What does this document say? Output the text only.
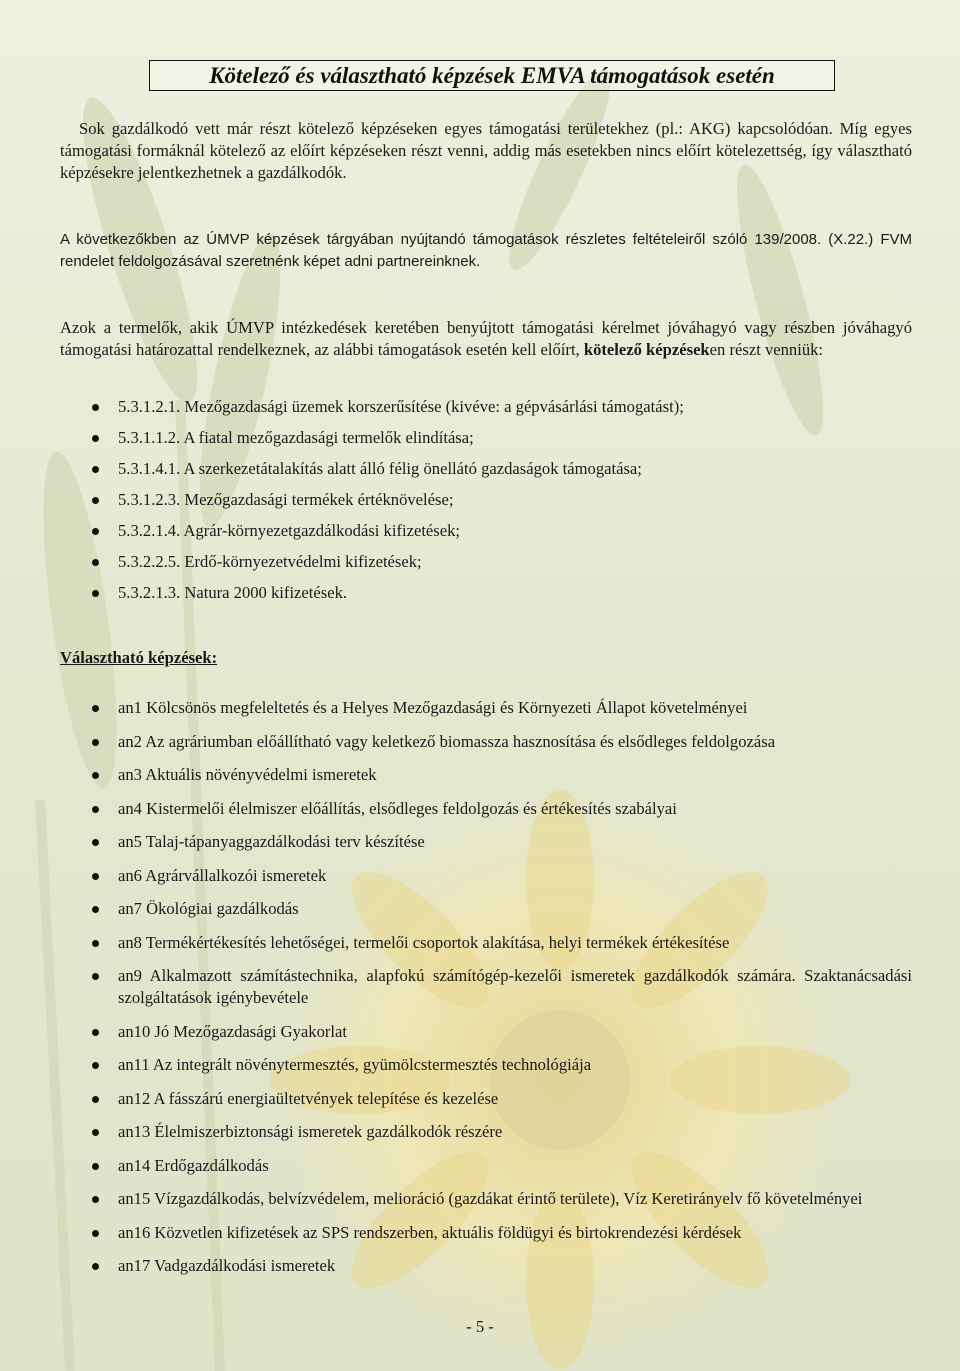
Kötelező és választható képzések EMVA támogatások esetén

Sok gazdálkodó vett már részt kötelező képzéseken egyes támogatási területekhez (pl.: AKG) kapcsolódóan. Míg egyes támogatási formáknál kötelező az előírt képzéseken részt venni, addig más esetekben nincs előírt kötelezettség, így választható képzésekre jelentkezhetnek a gazdálkodók.

A következőkben az ÚMVP képzések tárgyában nyújtandó támogatások részletes feltételeiről szóló 139/2008. (X.22.) FVM rendelet feldolgozásával szeretnénk képet adni partnereinknek.

Azok a termelők, akik ÚMVP intézkedések keretében benyújtott támogatási kérelmet jóváhagyó vagy részben jóváhagyó támogatási határozattal rendelkeznek, az alábbi támogatások esetén kell előírt, kötelező képzéseken részt venniük:

5.3.1.2.1. Mezőgazdasági üzemek korszerűsítése (kivéve: a gépvásárlási támogatást);
5.3.1.1.2. A fiatal mezőgazdasági termelők elindítása;
5.3.1.4.1. A szerkezetátalakítás alatt álló félig önellátó gazdaságok támogatása;
5.3.1.2.3. Mezőgazdasági termékek értéknövelése;
5.3.2.1.4. Agrár-környezetgazdálkodási kifizetések;
5.3.2.2.5. Erdő-környezetvédelmi kifizetések;
5.3.2.1.3. Natura 2000 kifizetések.
Választható képzések:
an1 Kölcsönös megfeleltetés és a Helyes Mezőgazdasági és Környezeti Állapot követelményei
an2 Az agráriumban előállítható vagy keletkező biomassza hasznosítása és elsődleges feldolgozása
an3 Aktuális növényvédelmi ismeretek
an4 Kistermelői élelmiszer előállítás, elsődleges feldolgozás és értékesítés szabályai
an5 Talaj-tápanyaggazdálkodási terv készítése
an6 Agrárvállalkozói ismeretek
an7 Ökológiai gazdálkodás
an8 Termékértékesítés lehetőségei, termelői csoportok alakítása, helyi termékek értékesítése
an9 Alkalmazott számítástechnika, alapfokú számítógép-kezelői ismeretek gazdálkodók számára. Szaktanácsadási szolgáltatások igénybevétele
an10 Jó Mezőgazdasági Gyakorlat
an11 Az integrált növénytermesztés, gyümölcstermesztés technológiája
an12 A fásszárú energiaültetvények telepítése és kezelése
an13 Élelmiszerbiztonsági ismeretek gazdálkodók részére
an14 Erdőgazdálkodás
an15 Vízgazdálkodás, belvízvédelem, melioráció (gazdákat érintő területe), Víz Keretirányelv fő követelményei
an16 Közvetlen kifizetések az SPS rendszerben, aktuális földügyi és birtokrendezési kérdések
an17 Vadgazdálkodási ismeretek
- 5 -
